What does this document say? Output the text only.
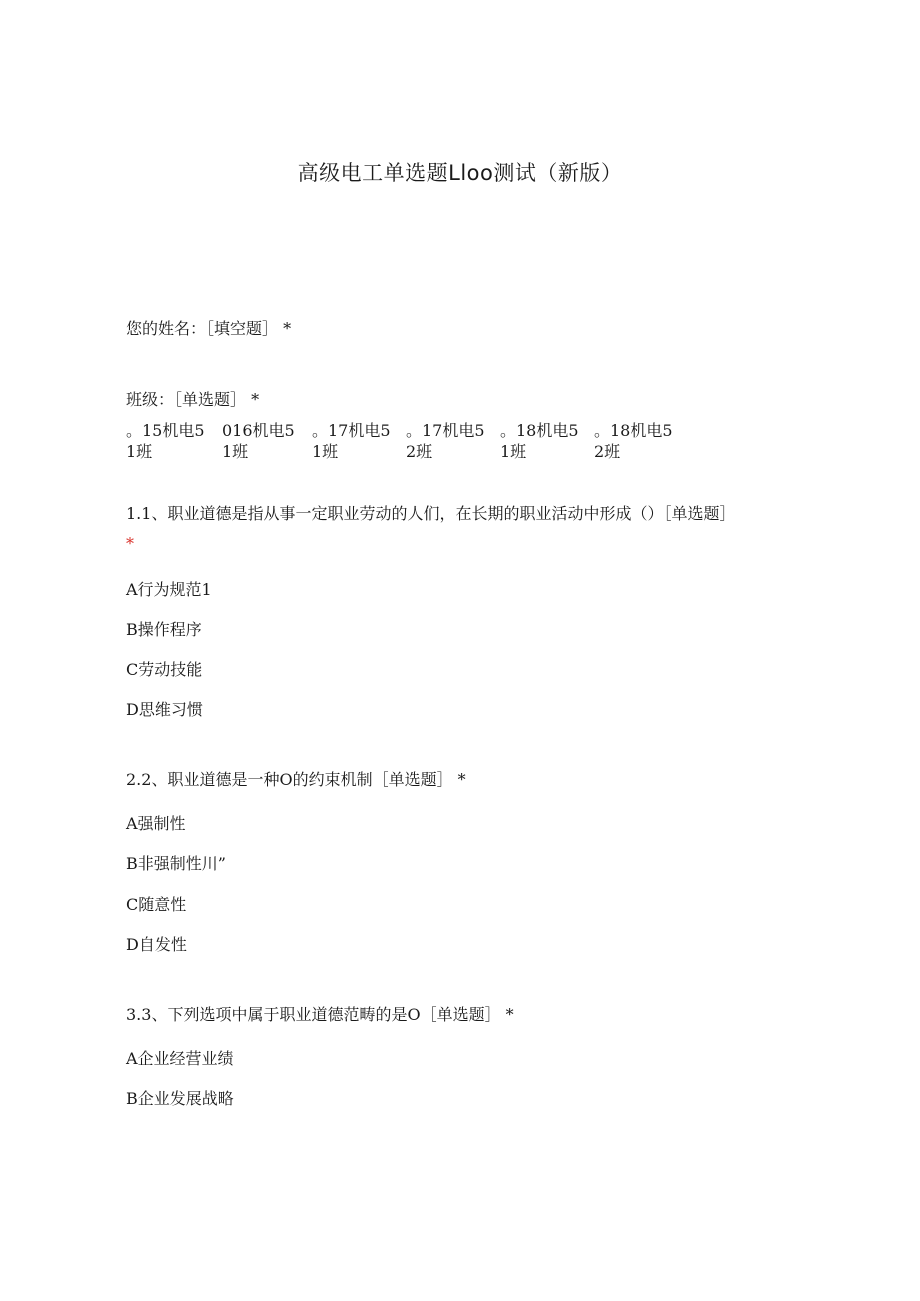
高级电工单选题Lloo测试（新版）

您的姓名：［填空题］ *

班级：［单选题］ *

。15机电5
1班
016机电5
1班
。17机电5
1班
。17机电5
2班
。18机电5
1班
。18机电5
2班

1.1、职业道德是指从事一定职业劳动的人们，在长期的职业活动中形成（）［单选题］

*

A行为规范1

B操作程序

C劳动技能

D思维习惯

2.2、职业道德是一种O的约束机制［单选题］ *

A强制性

B非强制性川”

C随意性

D自发性

3.3、下列选项中属于职业道德范畴的是O［单选题］ *

A企业经营业绩

B企业发展战略
